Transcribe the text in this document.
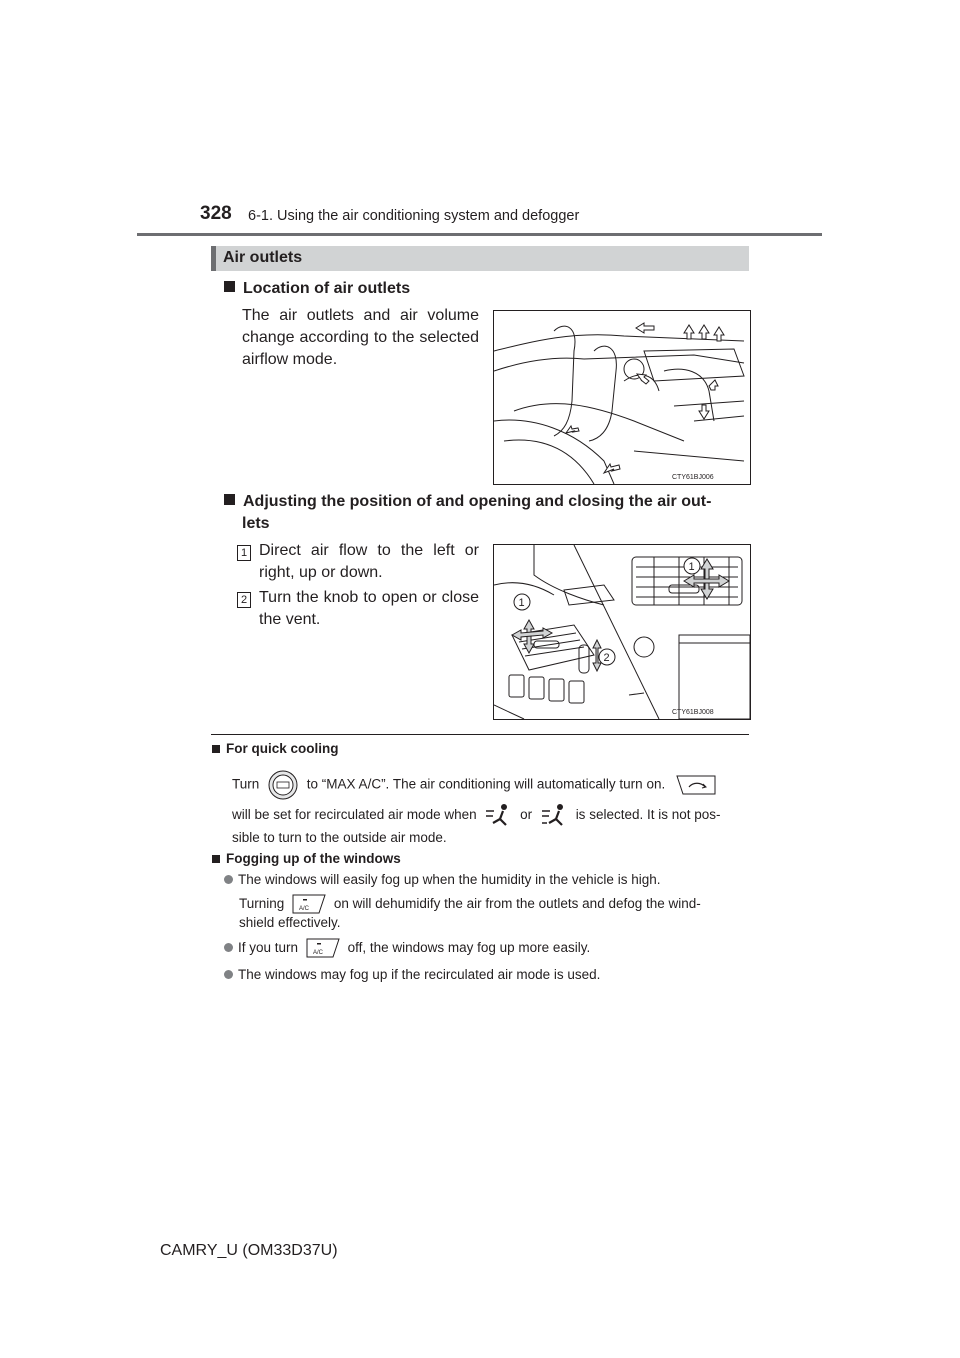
328 6-1. Using the air conditioning system and defogger
Air outlets
Location of air outlets
The air outlets and air volume change according to the selected airflow mode.
CTY61BJ006
Adjusting the position of and opening and closing the air out-
lets
1 Direct air flow to the left or right, up or down.
2 Turn the knob to open or close the vent.
1
1
2
CTY61BJ008
For quick cooling
Turn	to “MAX A/C”. The air conditioning will automatically turn on.
will be set for recirculated air mode when	or	is selected. It is not pos-
sible to turn to the outside air mode.
Fogging up of the windows
The windows will easily fog up when the humidity in the vehicle is high.
Turning A/C on will dehumidify the air from the outlets and defog the wind-
shield effectively.
If you turn A/C off, the windows may fog up more easily.
The windows may fog up if the recirculated air mode is used.
CAMRY_U (OM33D37U)
